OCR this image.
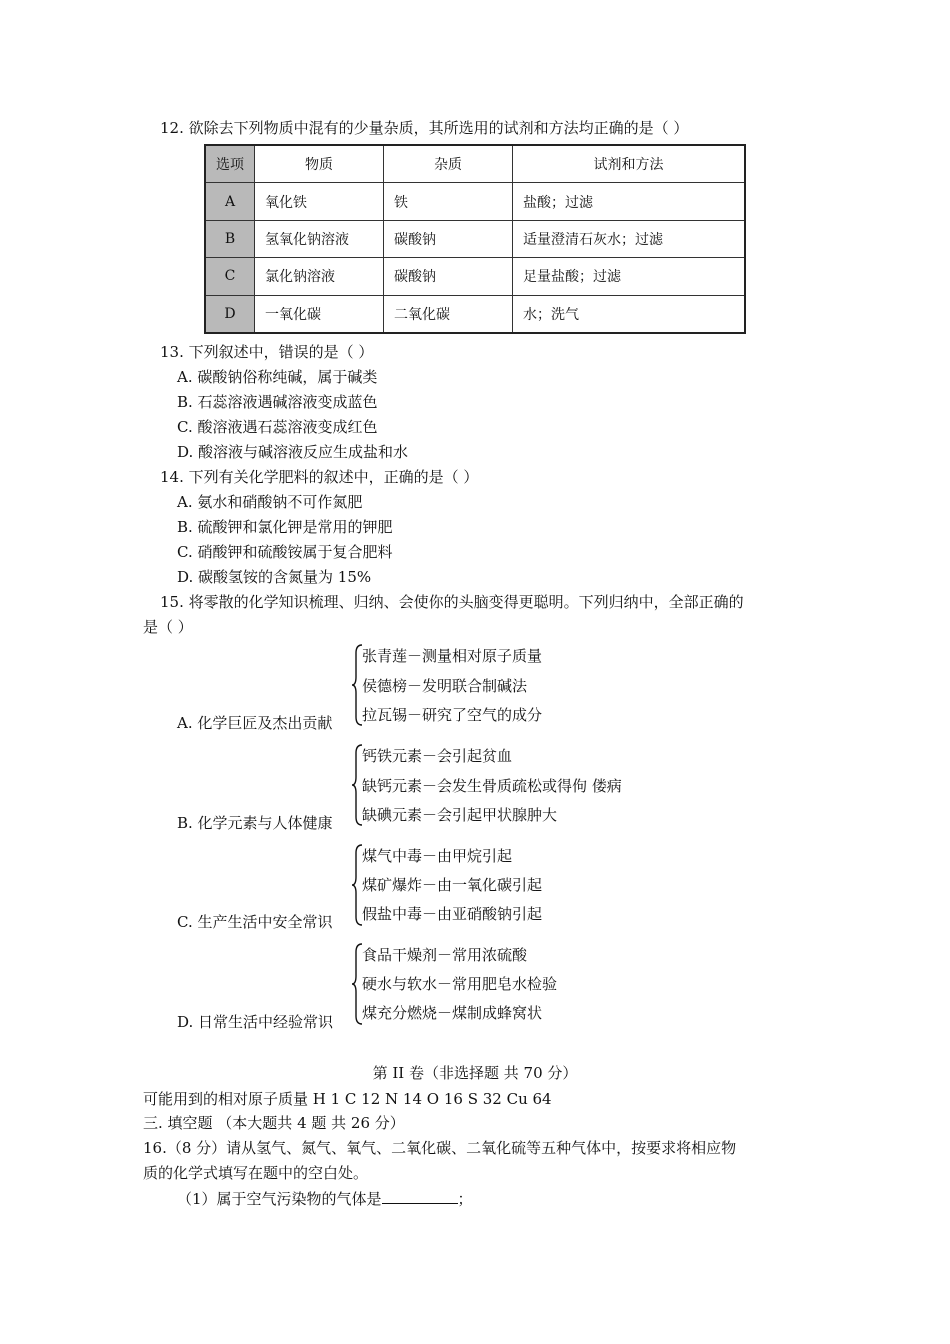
12. 欲除去下列物质中混有的少量杂质，其所选用的试剂和方法均正确的是（ ）
选项	物质	杂质	试剂和方法
A	氧化铁	铁	盐酸；过滤
B	氢氧化钠溶液	碳酸钠	适量澄清石灰水；过滤
C	氯化钠溶液	碳酸钠	足量盐酸；过滤
D	一氧化碳	二氧化碳	水；洗气
13. 下列叙述中，错误的是（ ）
A. 碳酸钠俗称纯碱，属于碱类
B. 石蕊溶液遇碱溶液变成蓝色
C. 酸溶液遇石蕊溶液变成红色
D. 酸溶液与碱溶液反应生成盐和水
14. 下列有关化学肥料的叙述中，正确的是（ ）
A. 氨水和硝酸钠不可作氮肥
B. 硫酸钾和氯化钾是常用的钾肥
C. 硝酸钾和硫酸铵属于复合肥料
D. 碳酸氢铵的含氮量为 15%
15. 将零散的化学知识梳理、归纳、会使你的头脑变得更聪明。下列归纳中，全部正确的
是（ ）
张青莲－测量相对原子质量
侯德榜－发明联合制碱法
拉瓦锡－研究了空气的成分
A. 化学巨匠及杰出贡献
钙铁元素－会引起贫血
缺钙元素－会发生骨质疏松或得佝 偻病
缺碘元素－会引起甲状腺肿大
B. 化学元素与人体健康
煤气中毒－由甲烷引起
煤矿爆炸－由一氧化碳引起
假盐中毒－由亚硝酸钠引起
C. 生产生活中安全常识
食品干燥剂－常用浓硫酸
硬水与软水－常用肥皂水检验
煤充分燃烧－煤制成蜂窝状
D. 日常生活中经验常识
第 II 卷（非选择题 共 70 分）
可能用到的相对原子质量 H 1 C 12 N 14 O 16 S 32 Cu 64
三. 填空题 （本大题共 4 题 共 26 分）
16.（8 分）请从氢气、氮气、氧气、二氧化碳、二氧化硫等五种气体中，按要求将相应物
质的化学式填写在题中的空白处。
（1）属于空气污染物的气体是	；
